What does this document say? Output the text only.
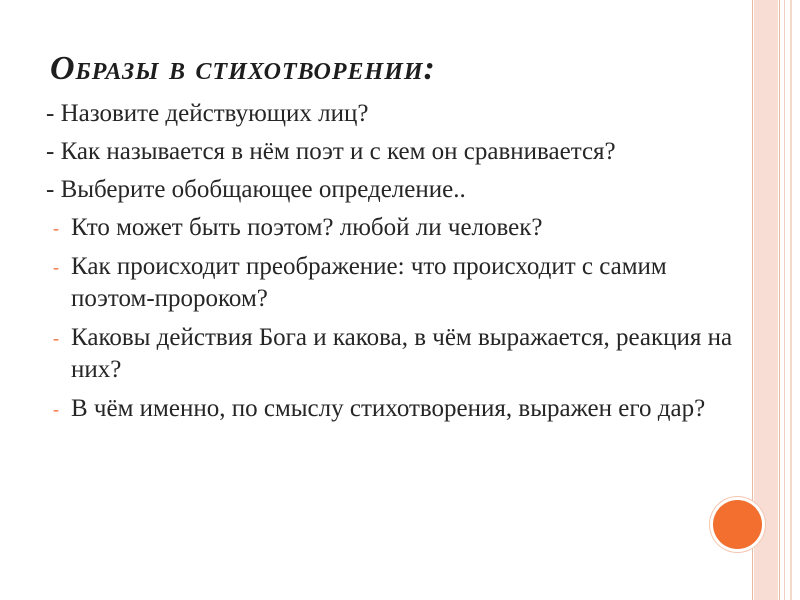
Образы в стихотворении:

- Назовите действующих лиц?

- Как называется в нём поэт и с кем он сравнивается?

- Выберите обобщающее определение..

- Кто может быть поэтом? любой ли человек?
- Как происходит преображение: что происходит с самим поэтом-пророком?
- Каковы действия Бога и какова, в чём выражается, реакция на них?
- В чём именно, по смыслу стихотворения, выражен его дар?
